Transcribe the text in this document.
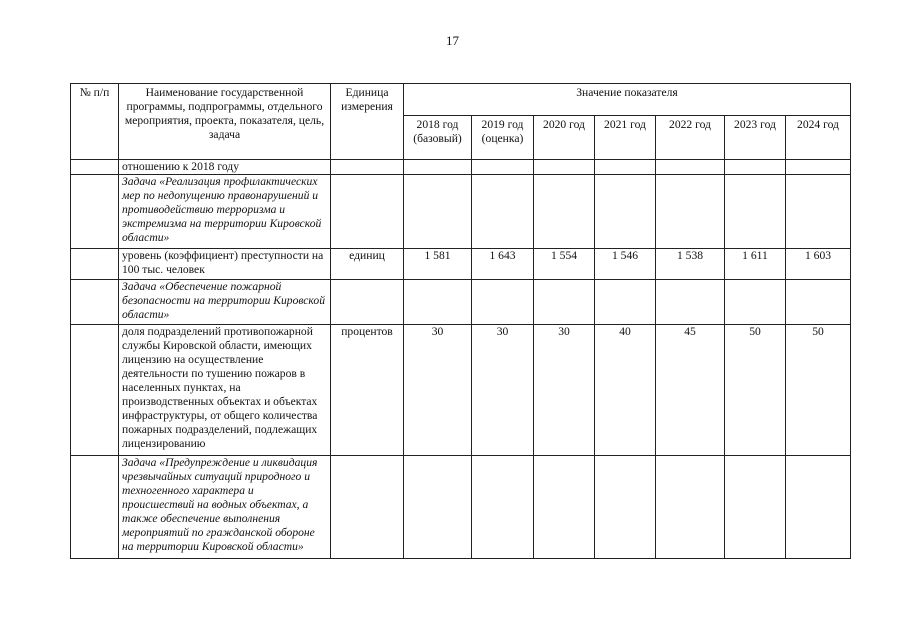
17
№ п/п	Наименование государственной программы, подпрограммы, отдельного мероприятия, проекта, показателя, цель, задача	Единица измерения	Значение показателя						
			2018 год (базовый)	2019 год (оценка)	2020 год	2021 год	2022 год	2023 год	2024 год
	отношению к 2018 году								
	Задача «Реализация профилактических мер по недопущению правонарушений и противодействию терроризма и экстремизма на территории Кировской области»								
	уровень (коэффициент) преступности на 100 тыс. человек	единиц	1 581	1 643	1 554	1 546	1 538	1 611	1 603
	Задача «Обеспечение пожарной безопасности на территории Кировской области»								
	доля подразделений противопожарной службы Кировской области, имеющих лицензию на осуществление деятельности по тушению пожаров в населенных пунктах, на производственных объектах и объектах инфраструктуры, от общего количества пожарных подразделений, подлежащих лицензированию	процентов	30	30	30	40	45	50	50
	Задача «Предупреждение и ликвидация чрезвычайных ситуаций природного и техногенного характера и происшествий на водных объектах, а также обеспечение выполнения мероприятий по гражданской обороне на территории Кировской области»								
